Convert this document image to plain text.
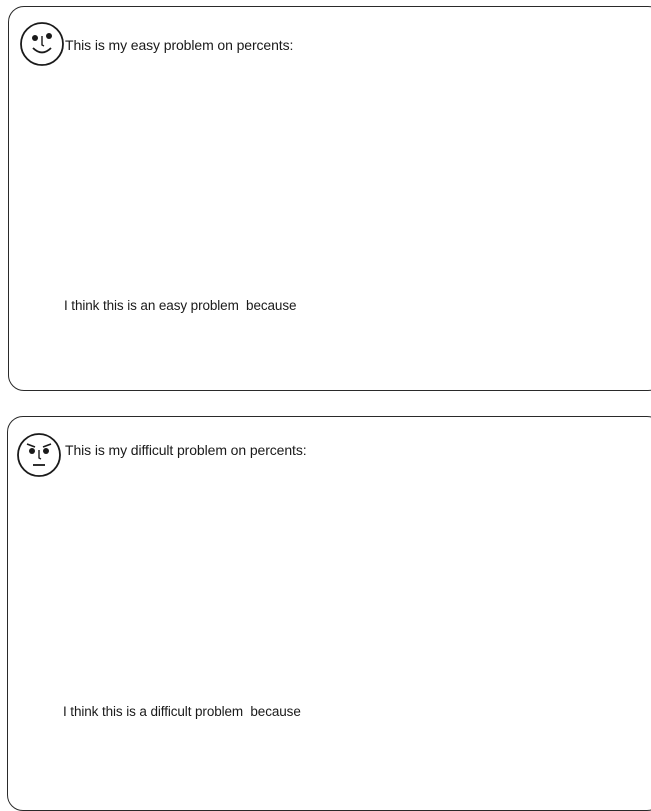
This is my easy problem on percents:
I think this is an easy problem  because
This is my difficult problem on percents:
I think this is a difficult problem  because
